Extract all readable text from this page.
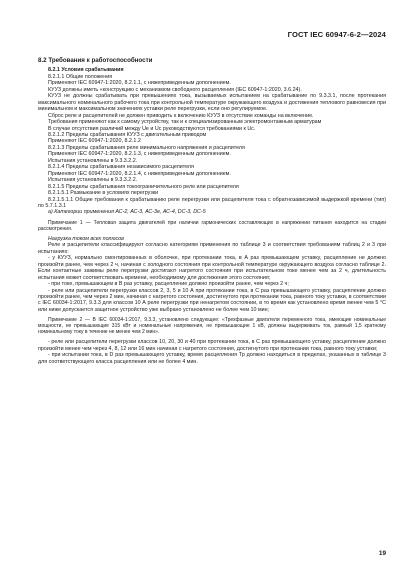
ГОСТ IEC 60947-6-2—2024

8.2 Требования к работоспособности

8.2.1 Условия срабатывания

8.2.1.1 Общие положения

Применяют IEC 60947-1:2020, 8.2.1.1, с нижеприведенным дополнением.

КУУЗ должны иметь «конструкцию с механизмом свободного расцепления (IEC 60947-1:2020, 3.6.24).

КУУЗ не должны срабатывать при превышениях тока, вызываемых испытанием на срабатывание по 9.3.3.1, после протекания максимального номинального рабочего тока при контрольной температуре окружающего воздуха и достижения теплового равновесия при минимальном и максимальном значениях уставки реле перегрузки, если оно регулируемое.

Сброс реле и расцепителей не должен приводить к включению КУУЗ в отсутствие команды на включение.

Требования применяют как к самому устройству, так и к специализированным электромонтажным арматурам

В случае отсутствия различий между Ue и Uc руководствуются требованиями к Uc.

8.2.1.2 Пределы срабатывания КУУЗ с двигательным приводом

Применяют IEC 60947-1:2020, 8.2.1.2

8.2.1.3 Пределы срабатывания реле минимального напряжения и расцепителя

Применяют IEC 60947-1:2020, 8.2.1.3, с нижеприведенным дополнением.

Испытания установлены в 9.3.3.2.2.

8.2.1.4 Пределы срабатывания независимого расцепителя

Применяют IEC 60947-1:2020, 8.2.1.4, с нижеприведенным дополнением.

Испытания установлены в 9.3.3.2.2.

8.2.1.5 Пределы срабатывания токоограничительного реле или расцепителя

8.2.1.5.1 Размыкание в условиях перегрузки

8.2.1.5.1.1 Общие требования к срабатыванию реле перегрузки или расцепителя тока с обратнозависимой выдержкой времени (тип) по 5.7.1.3.1

a) Категории применения АС-2, АС-3, АС-3е, АС-4, DC-3, DC-5

Примечание 1 — Тепловая защита двигателей при наличии гармонических составляющих в напряжении питания находится на стадии рассмотрения.

Нагрузка током всех полюсов

Реле и расцепители классифицируют согласно категориям применения по таблице 3 и соответствия требованиям таблиц 2 и 3 при испытаниях:

- у КУУЗ, нормально смонтированных в оболочке, при протекании тока, в А раз превышающем уставку, расцепление не должно произойти ранее, чем через 2 ч, начиная с холодного состояния при контрольной температуре окружающего воздуха согласно таблице 2. Если контактные зажимы реле перегрузки достигают нагретого состояния при испытательном токе менее чем за 2 ч, длительность испытания может соответствовать времени, необходимому для достижения этого состояния;

- при токе, превышающем в В раз уставку, расцепление должно произойти ранее, чем через 2 ч;

- реле или расцепители перегрузки классов 2, 3, 5 и 10 А при протекании тока, в С раз превышающего уставку, расцепление должно произойти ранее, чем через 2 мин, начиная с нагретого состояния, достигнутого при протекании тока, равного току уставки, в соответствии с IEC 60034-1:2017, 9.3.3 для классов 10 А реле перегрузки при ненагретом состоянии, в то время как установлено время менее чем 5 °С или ниже допускается защитное устройство уже выбрано установлено не более чем 10 мин;

Примечание 2 — В IEC 60034-1:2017, 9.3.3, установлено следующее: «Трехфазные двигатели переменного тока, имеющие номинальные мощности, не превышающие 315 кВт и номинальные напряжения, не превышающие 1 кВ, должны выдерживать ток, равный 1,5 кратному номинальному току в течение не менее чем 2 мин».

- реле или расцепители перегрузки классов 10, 20, 30 и 40 при протекании тока, в С раз превышающего уставку, расцепление должно произойти менее чем через 4, 8, 12 или 16 мин начиная с нагретого состояния, достигнутого при протекании тока, равного току уставки;

- при испытании тока, в D раз превышающего уставку, время расцепления Тр должно находиться в пределах, указанных в таблице 3 для соответствующего класса расцепления или не более 4 мин.

19
